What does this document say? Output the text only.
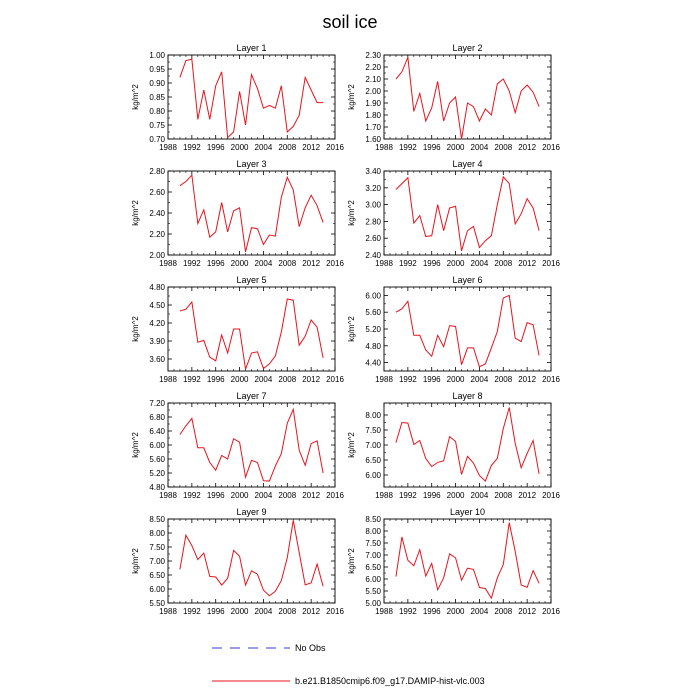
soil ice
Layer 1
1988 1992 1996 2000 2004 2008 2012 2016
0.70
0.75
0.80
0.85
0.90
0.95
1.00
kg/m^2
Layer 2
1988 1992 1996 2000 2004 2008 2012 2016
1.60
1.70
1.80
1.90
2.00
2.10
2.20
2.30
kg/m^2
Layer 3
1988 1992 1996 2000 2004 2008 2012 2016
2.00
2.20
2.40
2.60
2.80
kg/m^2
Layer 4
1988 1992 1996 2000 2004 2008 2012 2016
2.40
2.60
2.80
3.00
3.20
3.40
kg/m^2
Layer 5
1988 1992 1996 2000 2004 2008 2012 2016
3.60
3.90
4.20
4.50
4.80
kg/m^2
Layer 6
1988 1992 1996 2000 2004 2008 2012 2016
4.40
4.80
5.20
5.60
6.00
kg/m^2
Layer 7
1988 1992 1996 2000 2004 2008 2012 2016
4.80
5.20
5.60
6.00
6.40
6.80
7.20
kg/m^2
Layer 8
1988 1992 1996 2000 2004 2008 2012 2016
6.00
6.50
7.00
7.50
8.00
kg/m^2
Layer 9
1988 1992 1996 2000 2004 2008 2012 2016
5.50
6.00
6.50
7.00
7.50
8.00
8.50
kg/m^2
Layer 10
1988 1992 1996 2000 2004 2008 2012 2016
5.00
5.50
6.00
6.50
7.00
7.50
8.00
8.50
kg/m^2
No Obs
b.e21.B1850cmip6.f09_g17.DAMIP-hist-vlc.003
